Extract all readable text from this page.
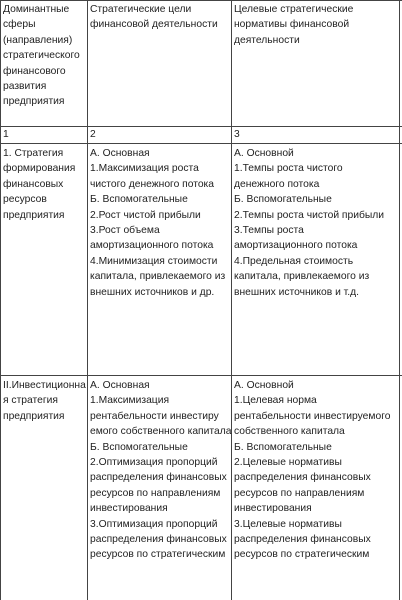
Доминантные
сферы
(направления)
стратегического
финансового
развития
предприятия
Стратегические цели
финансовой деятельности
Целевые стратегические
нормативы финансовой
деятельности
1	2	3
1. Стратегия
формирования
финансовых
ресурсов
предприятия
А. Основная
1.Максимизация роста
чистого денежного потока
Б. Вспомогательные
2.Рост чистой прибыли
3.Рост объема
амортизационного потока
4.Минимизация стоимости
капитала, привлекаемого из
внешних источников и др.
А. Основной
1.Темпы роста чистого
денежного потока
Б. Вспомогательные
2.Темпы роста чистой прибыли
3.Темпы роста
амортизационного потока
4.Предельная стоимость
капитала, привлекаемого из
внешних источников и т.д.
II.Инвестиционна
я стратегия
предприятия
А. Основная
1.Максимизация
рентабельности инвестиру
емого собственного капитала
Б. Вспомогательные
2.Оптимизация пропорций
распределения финансовых
ресурсов по направлениям
инвестирования
3.Оптимизация пропорций
распределения финансовых
ресурсов по стратегическим
А. Основной
1.Целевая норма
рентабельности инвестируемого
собственного капитала
Б. Вспомогательные
2.Целевые нормативы
распределения финансовых
ресурсов по направлениям
инвестирования
3.Целевые нормативы
распределения финансовых
ресурсов по стратегическим
